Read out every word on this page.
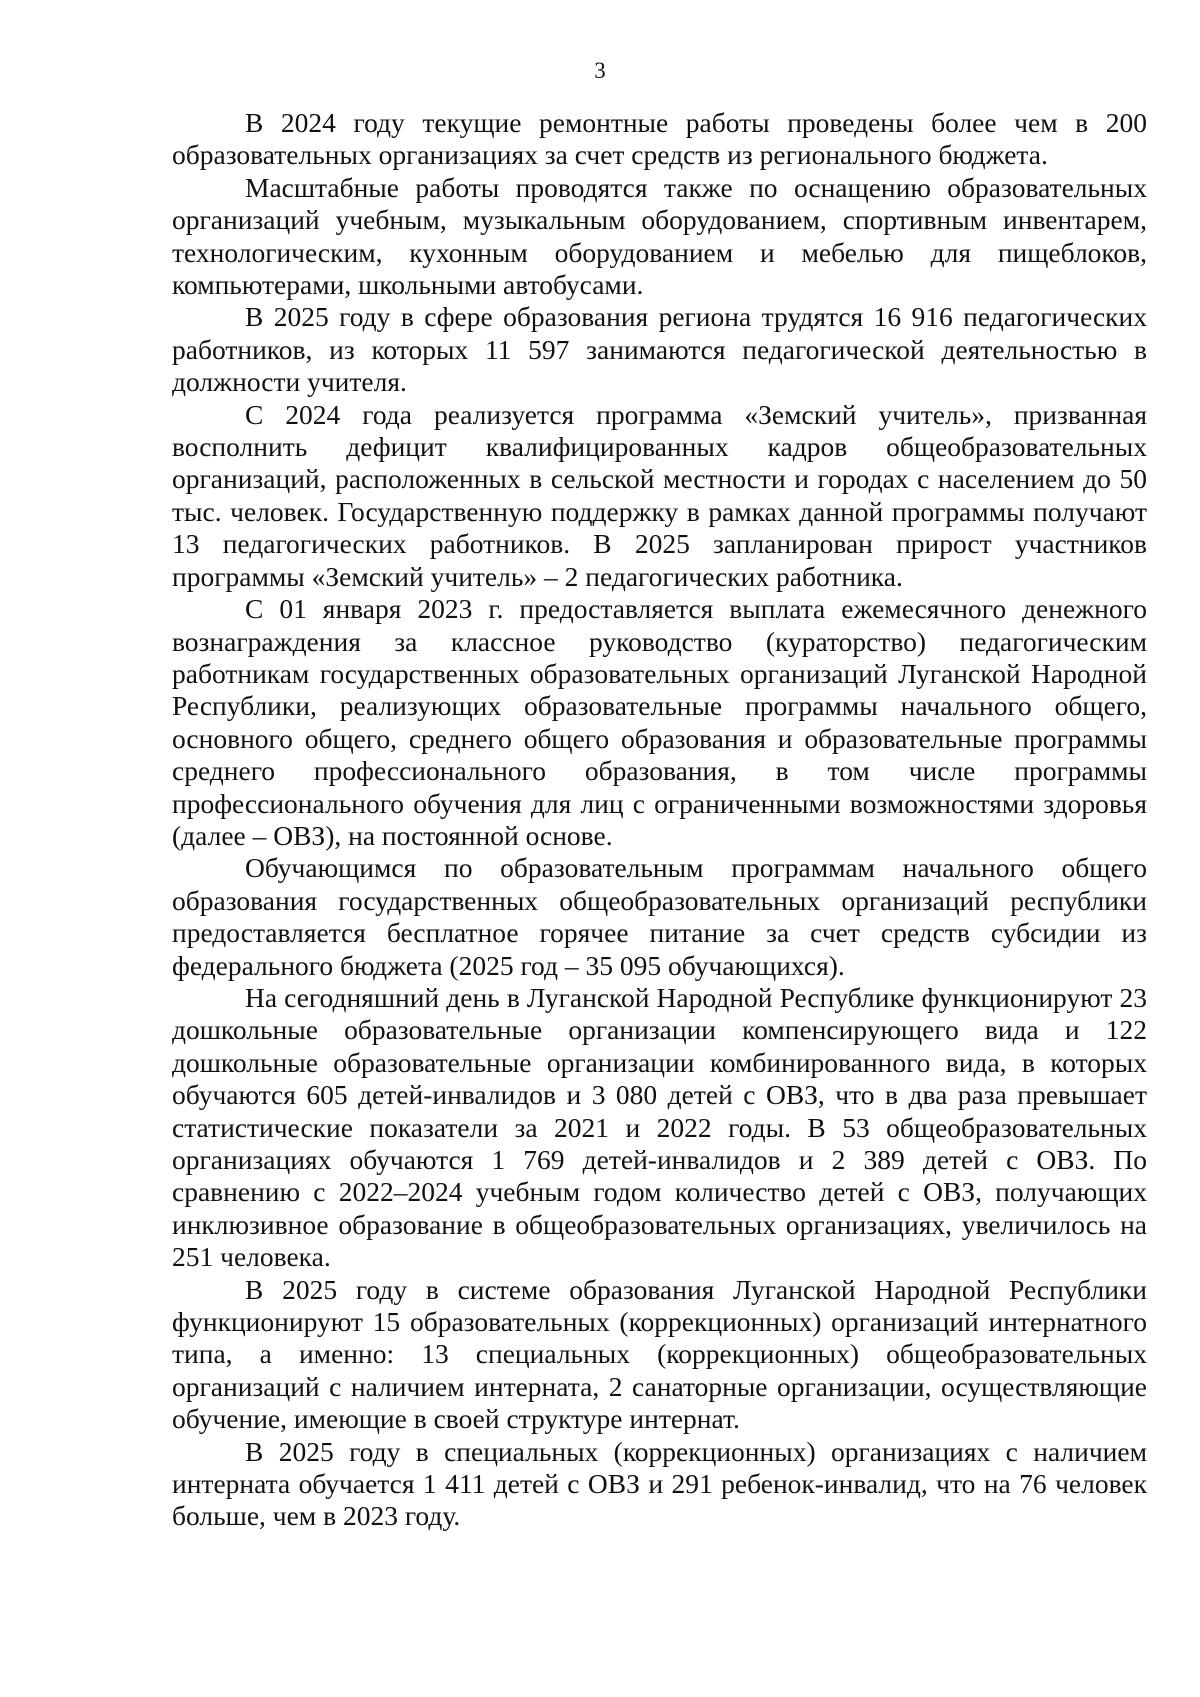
3

В 2024 году текущие ремонтные работы проведены более чем в 200 образовательных организациях за счет средств из регионального бюджета.

Масштабные работы проводятся также по оснащению образовательных организаций учебным, музыкальным оборудованием, спортивным инвентарем, технологическим, кухонным оборудованием и мебелью для пищеблоков, компьютерами, школьными автобусами.

В 2025 году в сфере образования региона трудятся 16 916 педагогических работников, из которых 11 597 занимаются педагогической деятельностью в должности учителя.

С 2024 года реализуется программа «Земский учитель», призванная восполнить дефицит квалифицированных кадров общеобразовательных организаций, расположенных в сельской местности и городах с населением до 50 тыс. человек. Государственную поддержку в рамках данной программы получают 13 педагогических работников. В 2025 запланирован прирост участников программы «Земский учитель» – 2 педагогических работника.

С 01 января 2023 г. предоставляется выплата ежемесячного денежного вознаграждения за классное руководство (кураторство) педагогическим работникам государственных образовательных организаций Луганской Народной Республики, реализующих образовательные программы начального общего, основного общего, среднего общего образования и образовательные программы среднего профессионального образования, в том числе программы профессионального обучения для лиц с ограниченными возможностями здоровья (далее – ОВЗ), на постоянной основе.

Обучающимся по образовательным программам начального общего образования государственных общеобразовательных организаций республики предоставляется бесплатное горячее питание за счет средств субсидии из федерального бюджета (2025 год – 35 095 обучающихся).

На сегодняшний день в Луганской Народной Республике функционируют 23 дошкольные образовательные организации компенсирующего вида и 122 дошкольные образовательные организации комбинированного вида, в которых обучаются 605 детей-инвалидов и 3 080 детей с ОВЗ, что в два раза превышает статистические показатели за 2021 и 2022 годы. В 53 общеобразовательных организациях обучаются 1 769 детей-инвалидов и 2 389 детей с ОВЗ. По сравнению с 2022–2024 учебным годом количество детей с ОВЗ, получающих инклюзивное образование в общеобразовательных организациях, увеличилось на 251 человека.

В 2025 году в системе образования Луганской Народной Республики функционируют 15 образовательных (коррекционных) организаций интернатного типа, а именно: 13 специальных (коррекционных) общеобразовательных организаций с наличием интерната, 2 санаторные организации, осуществляющие обучение, имеющие в своей структуре интернат.

В 2025 году в специальных (коррекционных) организациях с наличием интерната обучается 1 411 детей с ОВЗ и 291 ребенок-инвалид, что на 76 человек больше, чем в 2023 году.
